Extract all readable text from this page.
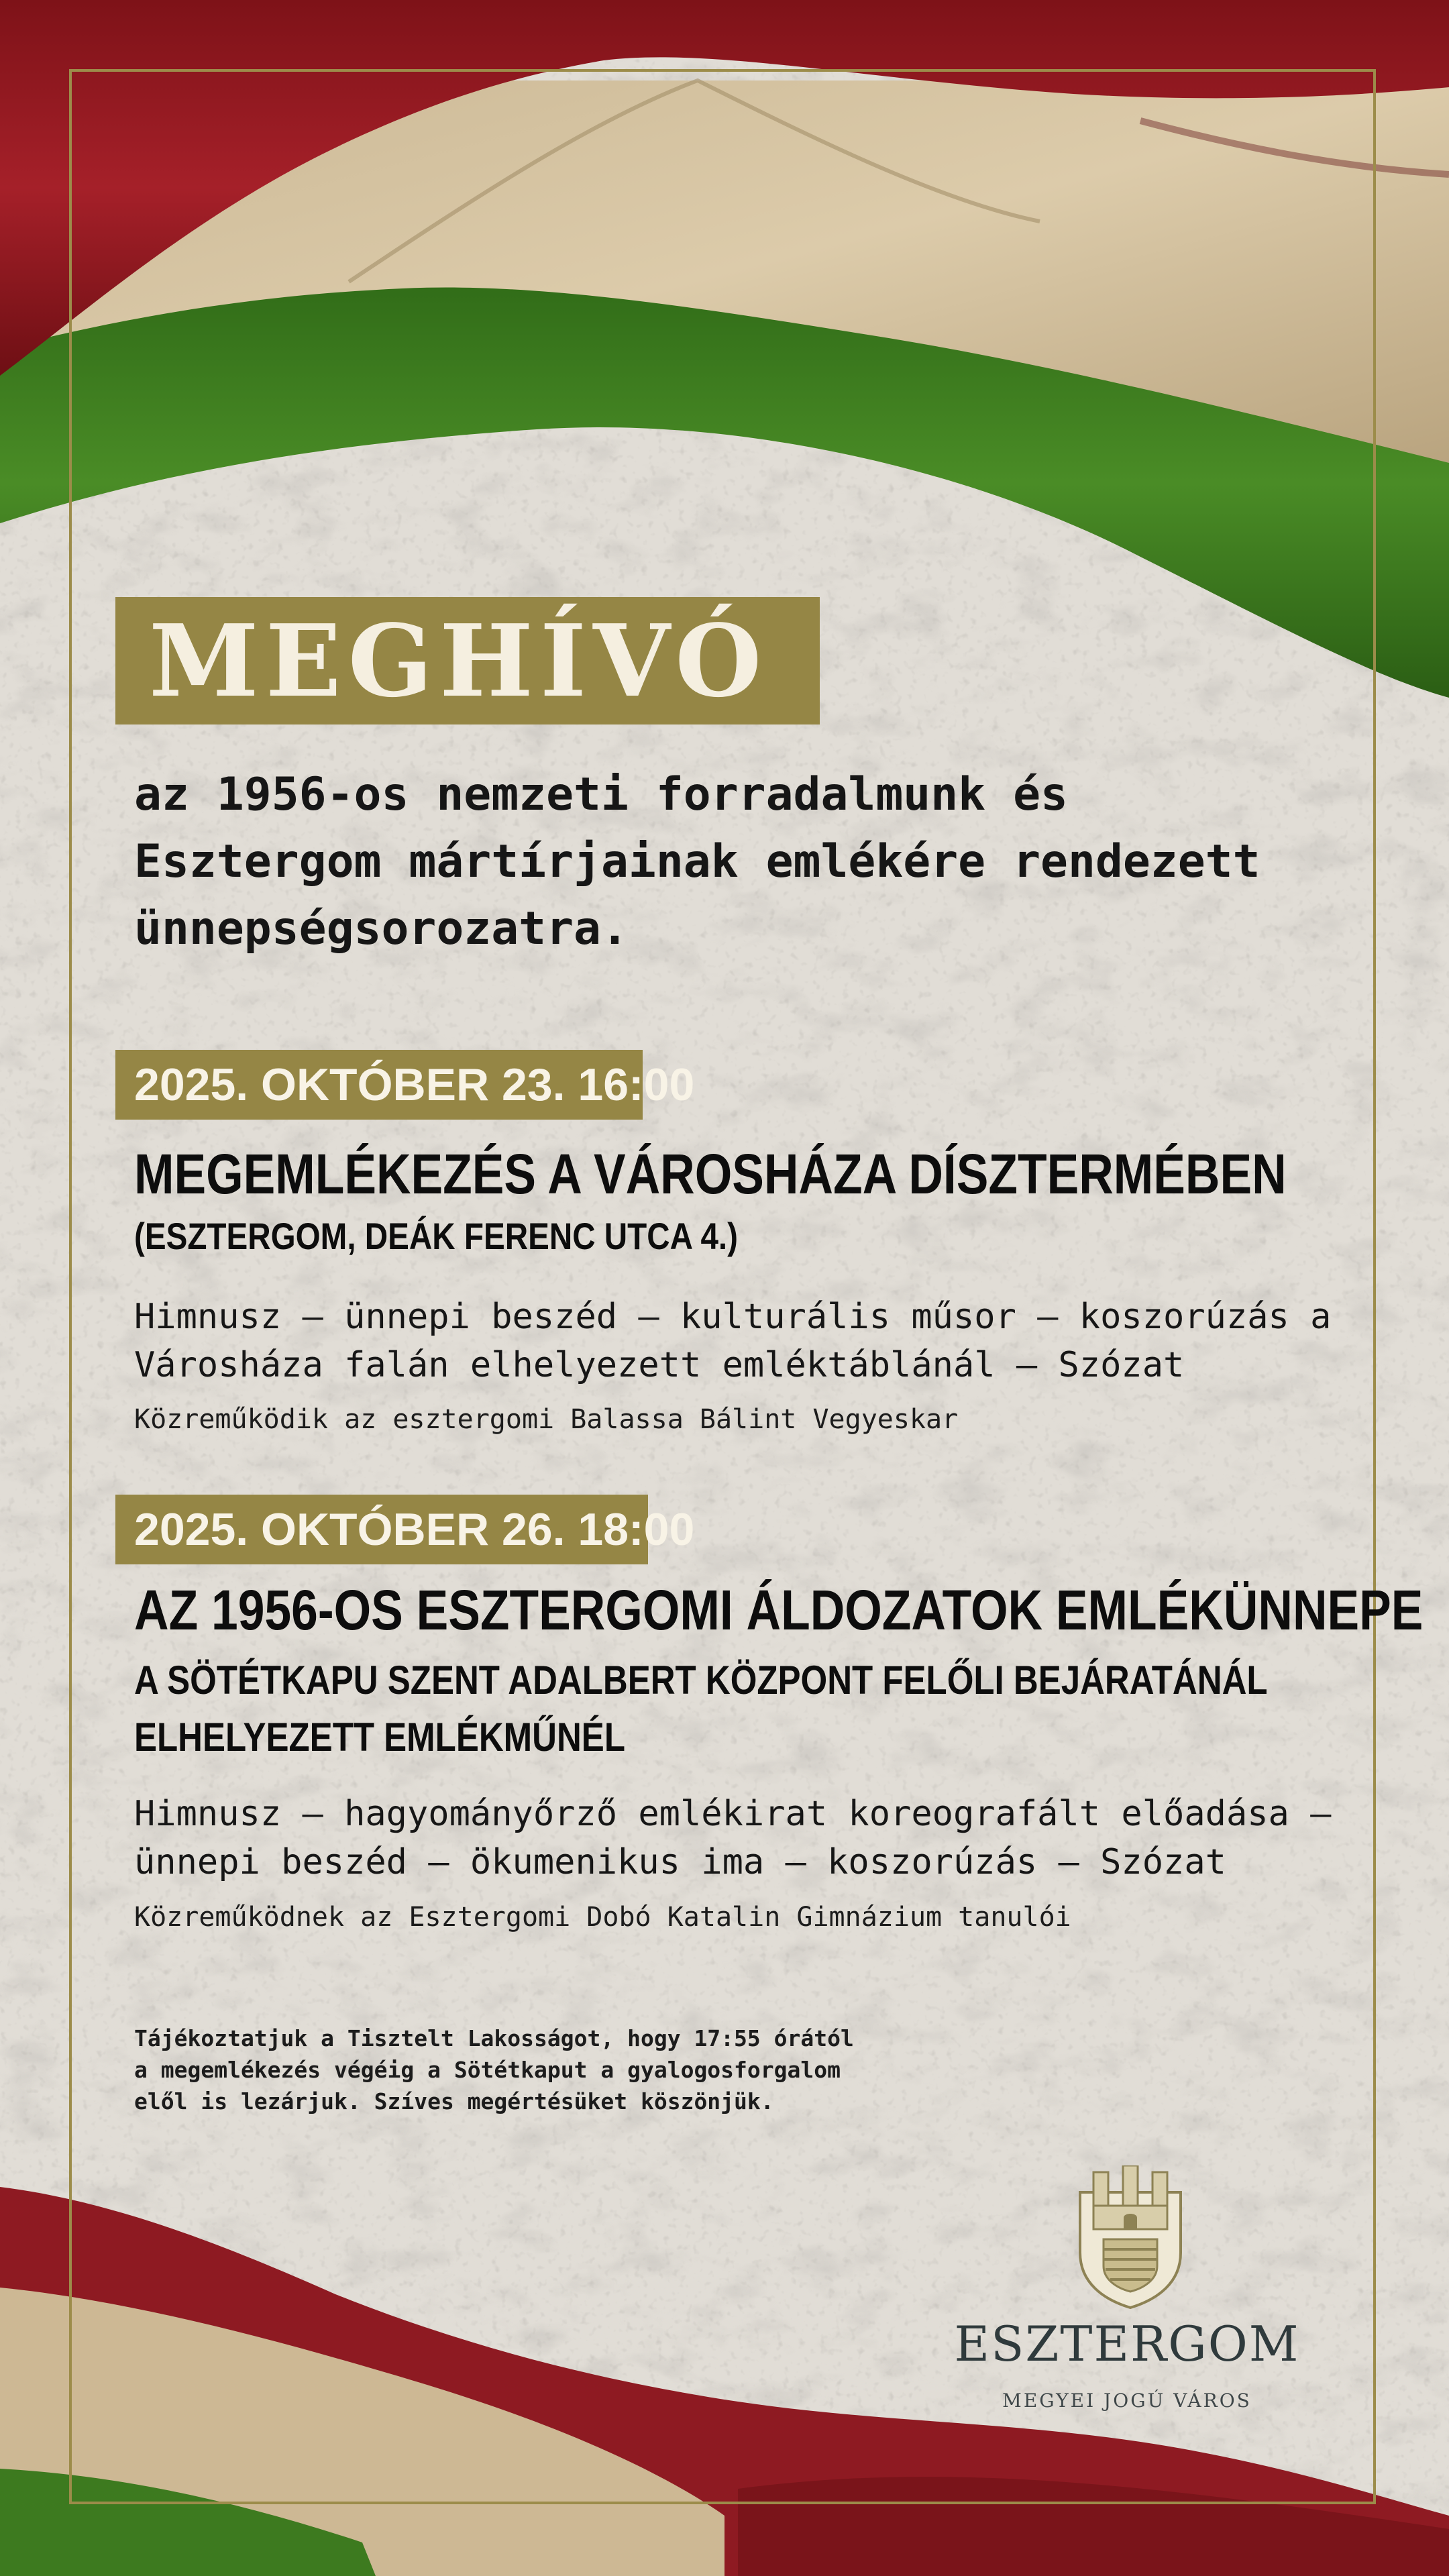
MEGHÍVÓ
az 1956-os nemzeti forradalmunk és
Esztergom mártírjainak emlékére rendezett
ünnepségsorozatra.
2025. OKTÓBER 23. 16:00
MEGEMLÉKEZÉS A VÁROSHÁZA DÍSZTERMÉBEN
(ESZTERGOM, DEÁK FERENC UTCA 4.)
Himnusz – ünnepi beszéd – kulturális műsor – koszorúzás a
Városháza falán elhelyezett emléktáblánál – Szózat
Közreműködik az esztergomi Balassa Bálint Vegyeskar
2025. OKTÓBER 26. 18:00
AZ 1956-OS ESZTERGOMI ÁLDOZATOK EMLÉKÜNNEPE
A SÖTÉTKAPU SZENT ADALBERT KÖZPONT FELŐLI BEJÁRATÁNÁL
ELHELYEZETT EMLÉKMŰNÉL
Himnusz – hagyományőrző emlékirat koreografált előadása –
ünnepi beszéd – ökumenikus ima – koszorúzás – Szózat
Közreműködnek az Esztergomi Dobó Katalin Gimnázium tanulói
Tájékoztatjuk a Tisztelt Lakosságot, hogy 17:55 órától
a megemlékezés végéig a Sötétkaput a gyalogosforgalom
elől is lezárjuk. Szíves megértésüket köszönjük.
ESZTERGOM
MEGYEI JOGÚ VÁROS
